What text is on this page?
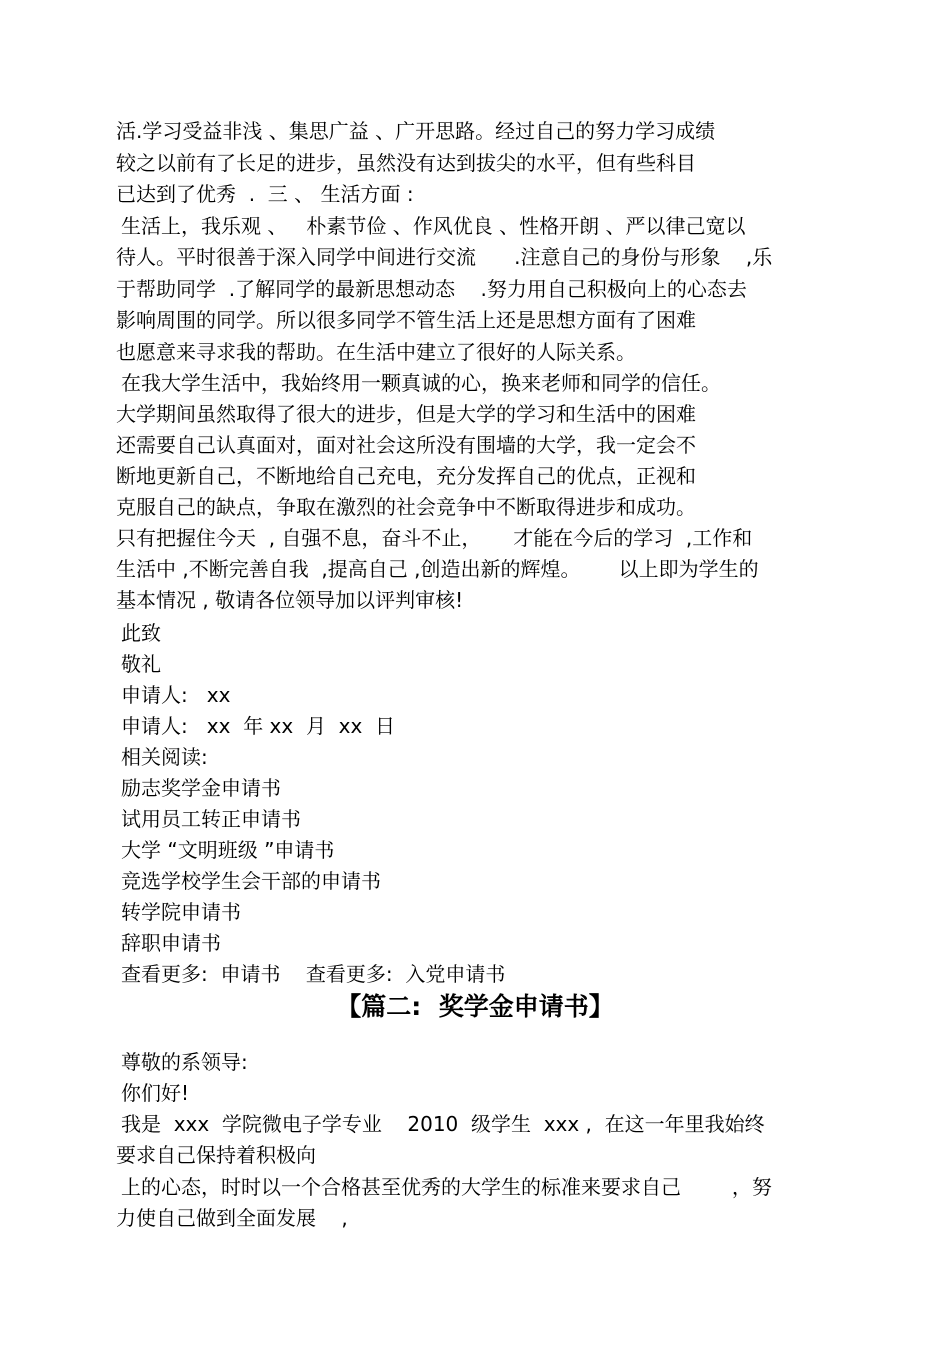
活.学习受益非浅 、集思广益 、广开思路。经过自己的努力学习成绩

较之以前有了长足的进步，虽然没有达到拔尖的水平，但有些科目

已达到了优秀  .  三 、 生活方面 :

生活上，我乐观 、   朴素节俭 、作风优良 、性格开朗 、严以律己宽以

待人。平时很善于深入同学中间进行交流      .注意自己的身份与形象    ,乐

于帮助同学  .了解同学的最新思想动态    .努力用自己积极向上的心态去

影响周围的同学。所以很多同学不管生活上还是思想方面有了困难

也愿意来寻求我的帮助。在生活中建立了很好的人际关系。

在我大学生活中，我始终用一颗真诚的心，换来老师和同学的信任。

大学期间虽然取得了很大的进步，但是大学的学习和生活中的困难

还需要自己认真面对，面对社会这所没有围墙的大学，我一定会不

断地更新自己，不断地给自己充电，充分发挥自己的优点，正视和

克服自己的缺点，争取在激烈的社会竞争中不断取得进步和成功。

只有把握住今天  , 自强不息，奋斗不止，     才能在今后的学习  ,工作和

生活中 ,不断完善自我  ,提高自己 ,创造出新的辉煌。      以上即为学生的

基本情况 , 敬请各位领导加以评判审核!

此致

敬礼

申请人:   xx

申请人:   xx  年 xx  月  xx  日

相关阅读:

励志奖学金申请书

试用员工转正申请书

大学 “文明班级 ”申请书

竞选学校学生会干部的申请书

转学院申请书

辞职申请书

查看更多:  申请书    查看更多:  入党申请书

【篇二:  奖学金申请书】

尊敬的系领导:

你们好!

我是  xxx  学院微电子学专业    2010  级学生  xxx ,  在这一年里我始终

要求自己保持着积极向

上的心态，时时以一个合格甚至优秀的大学生的标准来要求自己        ，努

力使自己做到全面发展    ,
